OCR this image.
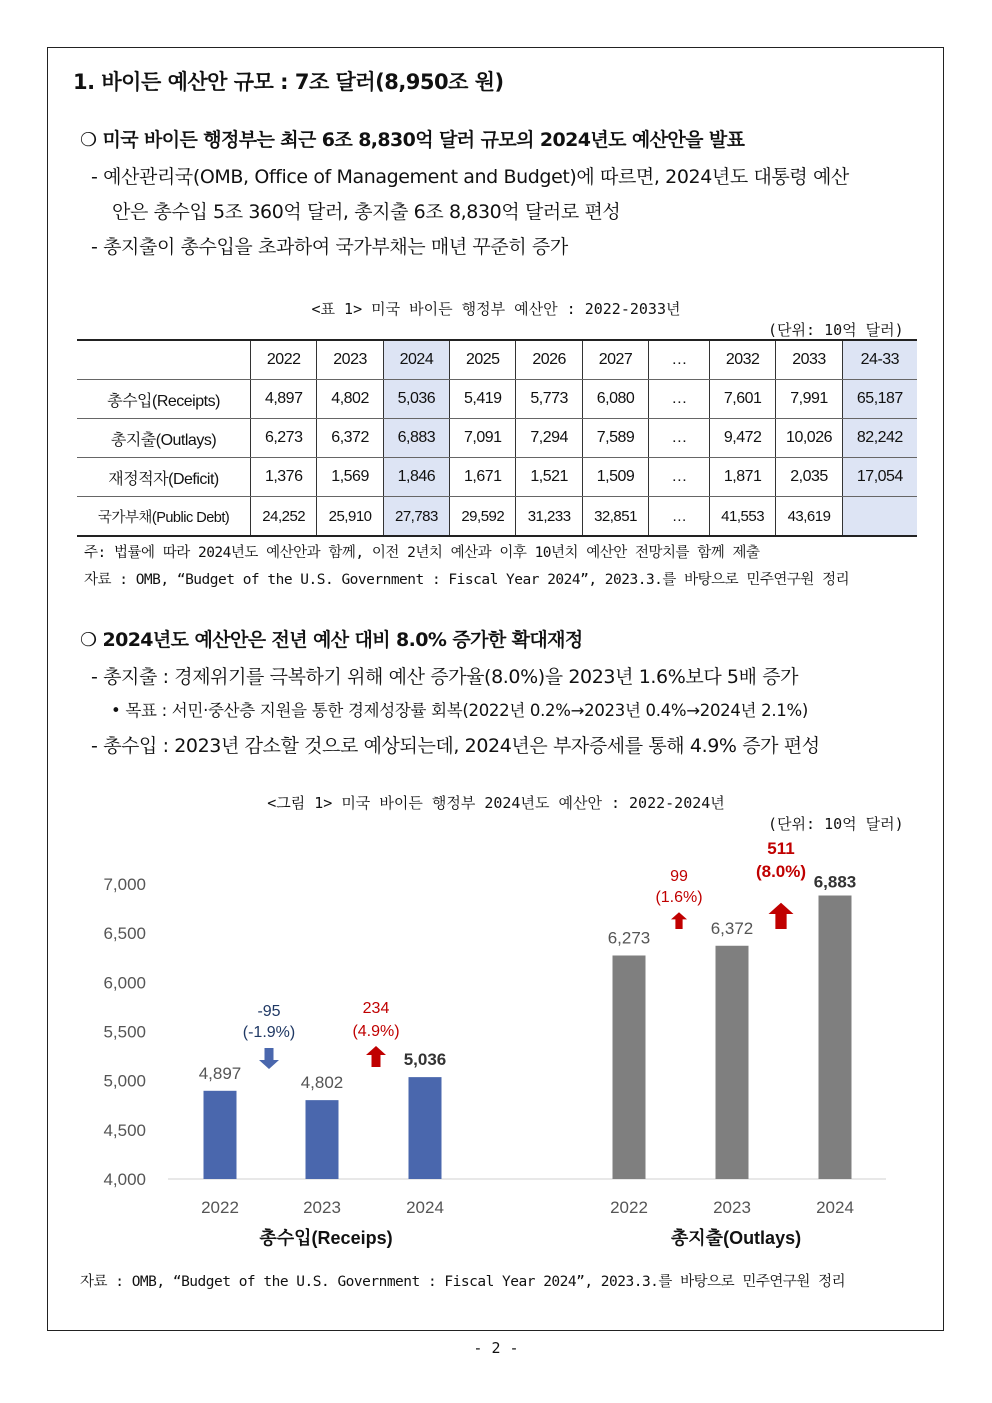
1. 바이든 예산안 규모 : 7조 달러(8,950조 원)
❍ 미국 바이든 행정부는 최근 6조 8,830억 달러 규모의 2024년도 예산안을 발표
- 예산관리국(OMB, Office of Management and Budget)에 따르면, 2024년도 대통령 예산
안은 총수입 5조 360억 달러, 총지출 6조 8,830억 달러로 편성
- 총지출이 총수입을 초과하여 국가부채는 매년 꾸준히 증가
<표 1> 미국 바이든 행정부 예산안 : 2022-2033년
(단위: 10억 달러)
	2022	2023	2024	2025	2026	2027	…	2032	2033	24-33
총수입(Receipts)	4,897	4,802	5,036	5,419	5,773	6,080	…	7,601	7,991	65,187
총지출(Outlays)	6,273	6,372	6,883	7,091	7,294	7,589	…	9,472	10,026	82,242
재정적자(Deficit)	1,376	1,569	1,846	1,671	1,521	1,509	…	1,871	2,035	17,054
국가부채(Public Debt)	24,252	25,910	27,783	29,592	31,233	32,851	…	41,553	43,619	
주: 법률에 따라 2024년도 예산안과 함께, 이전 2년치 예산과 이후 10년치 예산안 전망치를 함께 제출
자료 : OMB, “Budget of the U.S. Government : Fiscal Year 2024”, 2023.3.를 바탕으로 민주연구원 정리
❍ 2024년도 예산안은 전년 예산 대비 8.0% 증가한 확대재정
- 총지출 : 경제위기를 극복하기 위해 예산 증가율(8.0%)을 2023년 1.6%보다 5배 증가
• 목표 : 서민·중산층 지원을 통한 경제성장률 회복(2022년 0.2%→2023년 0.4%→2024년 2.1%)
- 총수입 : 2023년 감소할 것으로 예상되는데, 2024년은 부자증세를 통해 4.9% 증가 편성
<그림 1> 미국 바이든 행정부 2024년도 예산안 : 2022-2024년
(단위: 10억 달러)
4,000
4,500
5,000
5,500
6,000
6,500
7,000
4,897
2022
4,802
2023
5,036
2024
총수입(Receips)
6,273
2022
6,372
2023
6,883
2024
총지출(Outlays)
-95
(-1.9%)
234
(4.9%)
99
(1.6%)
511
(8.0%)
자료 : OMB, “Budget of the U.S. Government : Fiscal Year 2024”, 2023.3.를 바탕으로 민주연구원 정리
- 2 -
